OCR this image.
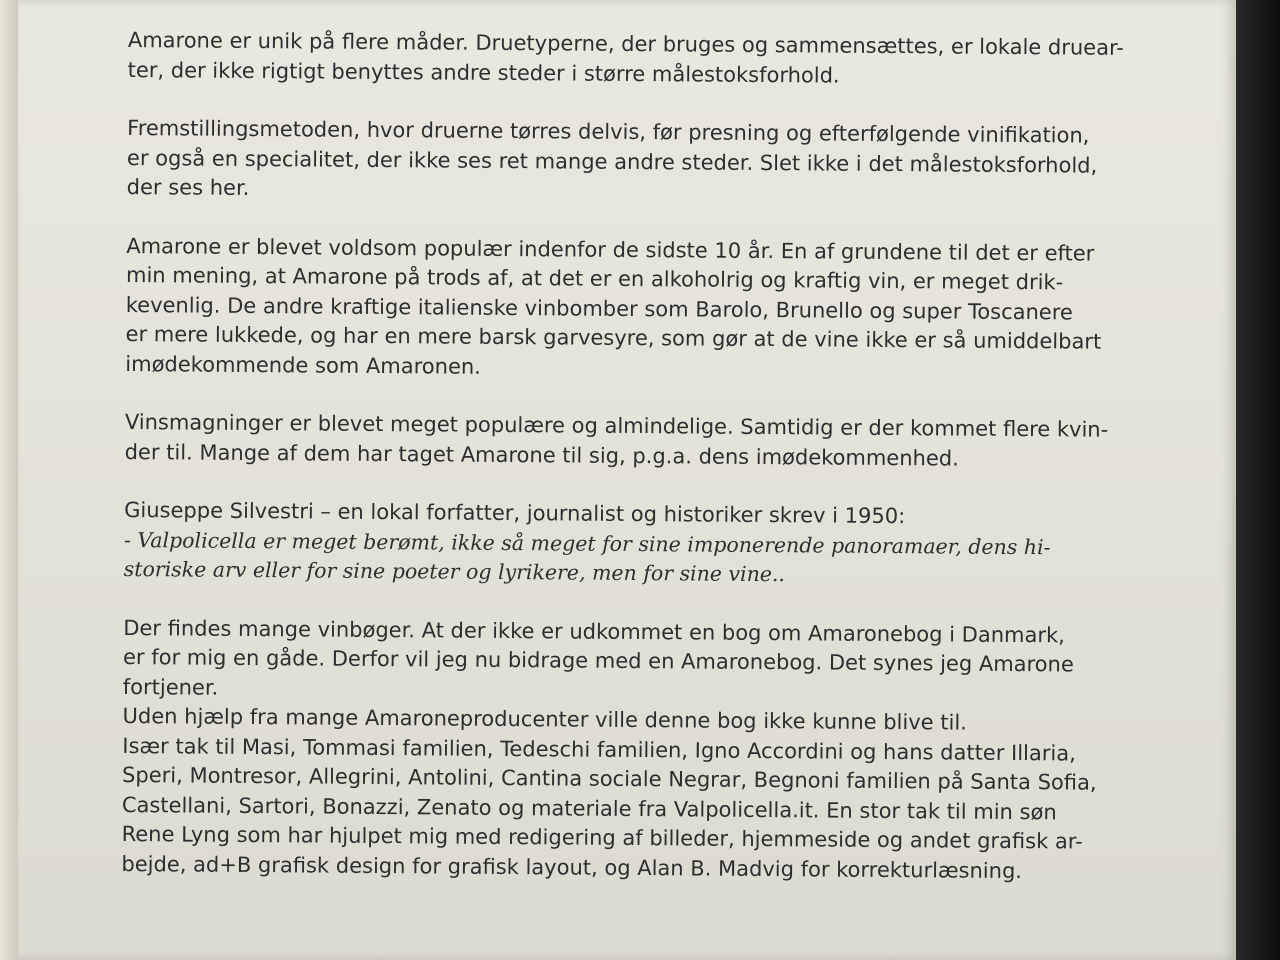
Amarone er unik på flere måder. Druetyperne, der bruges og sammensættes, er lokale druear-
ter, der ikke rigtigt benyttes andre steder i større målestoksforhold.
Fremstillingsmetoden, hvor druerne tørres delvis, før presning og efterfølgende vinifikation,
er også en specialitet, der ikke ses ret mange andre steder. Slet ikke i det målestoksforhold,
der ses her.
Amarone er blevet voldsom populær indenfor de sidste 10 år. En af grundene til det er efter
min mening, at Amarone på trods af, at det er en alkoholrig og kraftig vin, er meget drik-
kevenlig. De andre kraftige italienske vinbomber som Barolo, Brunello og super Toscanere
er mere lukkede, og har en mere barsk garvesyre, som gør at de vine ikke er så umiddelbart
imødekommende som Amaronen.
Vinsmagninger er blevet meget populære og almindelige. Samtidig er der kommet flere kvin-
der til. Mange af dem har taget Amarone til sig, p.g.a. dens imødekommenhed.
Giuseppe Silvestri – en lokal forfatter, journalist og historiker skrev i 1950:
- Valpolicella er meget berømt, ikke så meget for sine imponerende panoramaer, dens hi-
storiske arv eller for sine poeter og lyrikere, men for sine vine..
Der findes mange vinbøger. At der ikke er udkommet en bog om Amaronebog i Danmark,
er for mig en gåde. Derfor vil jeg nu bidrage med en Amaronebog. Det synes jeg Amarone
fortjener.
Uden hjælp fra mange Amaroneproducenter ville denne bog ikke kunne blive til.
Især tak til Masi, Tommasi familien, Tedeschi familien, Igno Accordini og hans datter Illaria,
Speri, Montresor, Allegrini, Antolini, Cantina sociale Negrar, Begnoni familien på Santa Sofia,
Castellani, Sartori, Bonazzi, Zenato og materiale fra Valpolicella.it. En stor tak til min søn
Rene Lyng som har hjulpet mig med redigering af billeder, hjemmeside og andet grafisk ar-
bejde, ad+B grafisk design for grafisk layout, og Alan B. Madvig for korrekturlæsning.
